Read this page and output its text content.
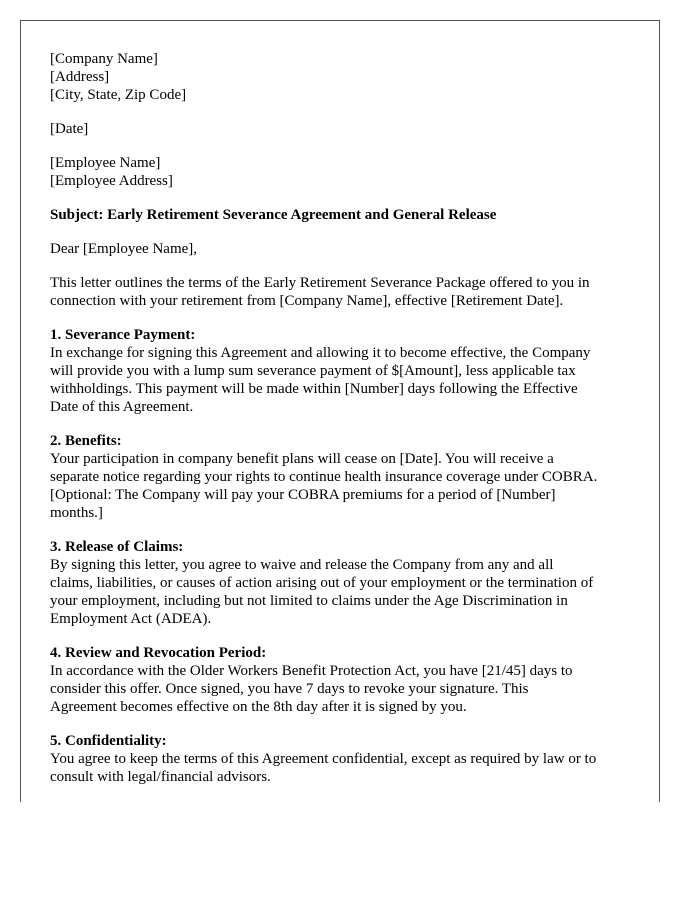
[Company Name]
[Address]
[City, State, Zip Code]
[Date]
[Employee Name]
[Employee Address]
Subject: Early Retirement Severance Agreement and General Release
Dear [Employee Name],
This letter outlines the terms of the Early Retirement Severance Package offered to you in
connection with your retirement from [Company Name], effective [Retirement Date].
1. Severance Payment:
In exchange for signing this Agreement and allowing it to become effective, the Company
will provide you with a lump sum severance payment of $[Amount], less applicable tax
withholdings. This payment will be made within [Number] days following the Effective
Date of this Agreement.
2. Benefits:
Your participation in company benefit plans will cease on [Date]. You will receive a
separate notice regarding your rights to continue health insurance coverage under COBRA.
[Optional: The Company will pay your COBRA premiums for a period of [Number]
months.]
3. Release of Claims:
By signing this letter, you agree to waive and release the Company from any and all
claims, liabilities, or causes of action arising out of your employment or the termination of
your employment, including but not limited to claims under the Age Discrimination in
Employment Act (ADEA).
4. Review and Revocation Period:
In accordance with the Older Workers Benefit Protection Act, you have [21/45] days to
consider this offer. Once signed, you have 7 days to revoke your signature. This
Agreement becomes effective on the 8th day after it is signed by you.
5. Confidentiality:
You agree to keep the terms of this Agreement confidential, except as required by law or to
consult with legal/financial advisors.
